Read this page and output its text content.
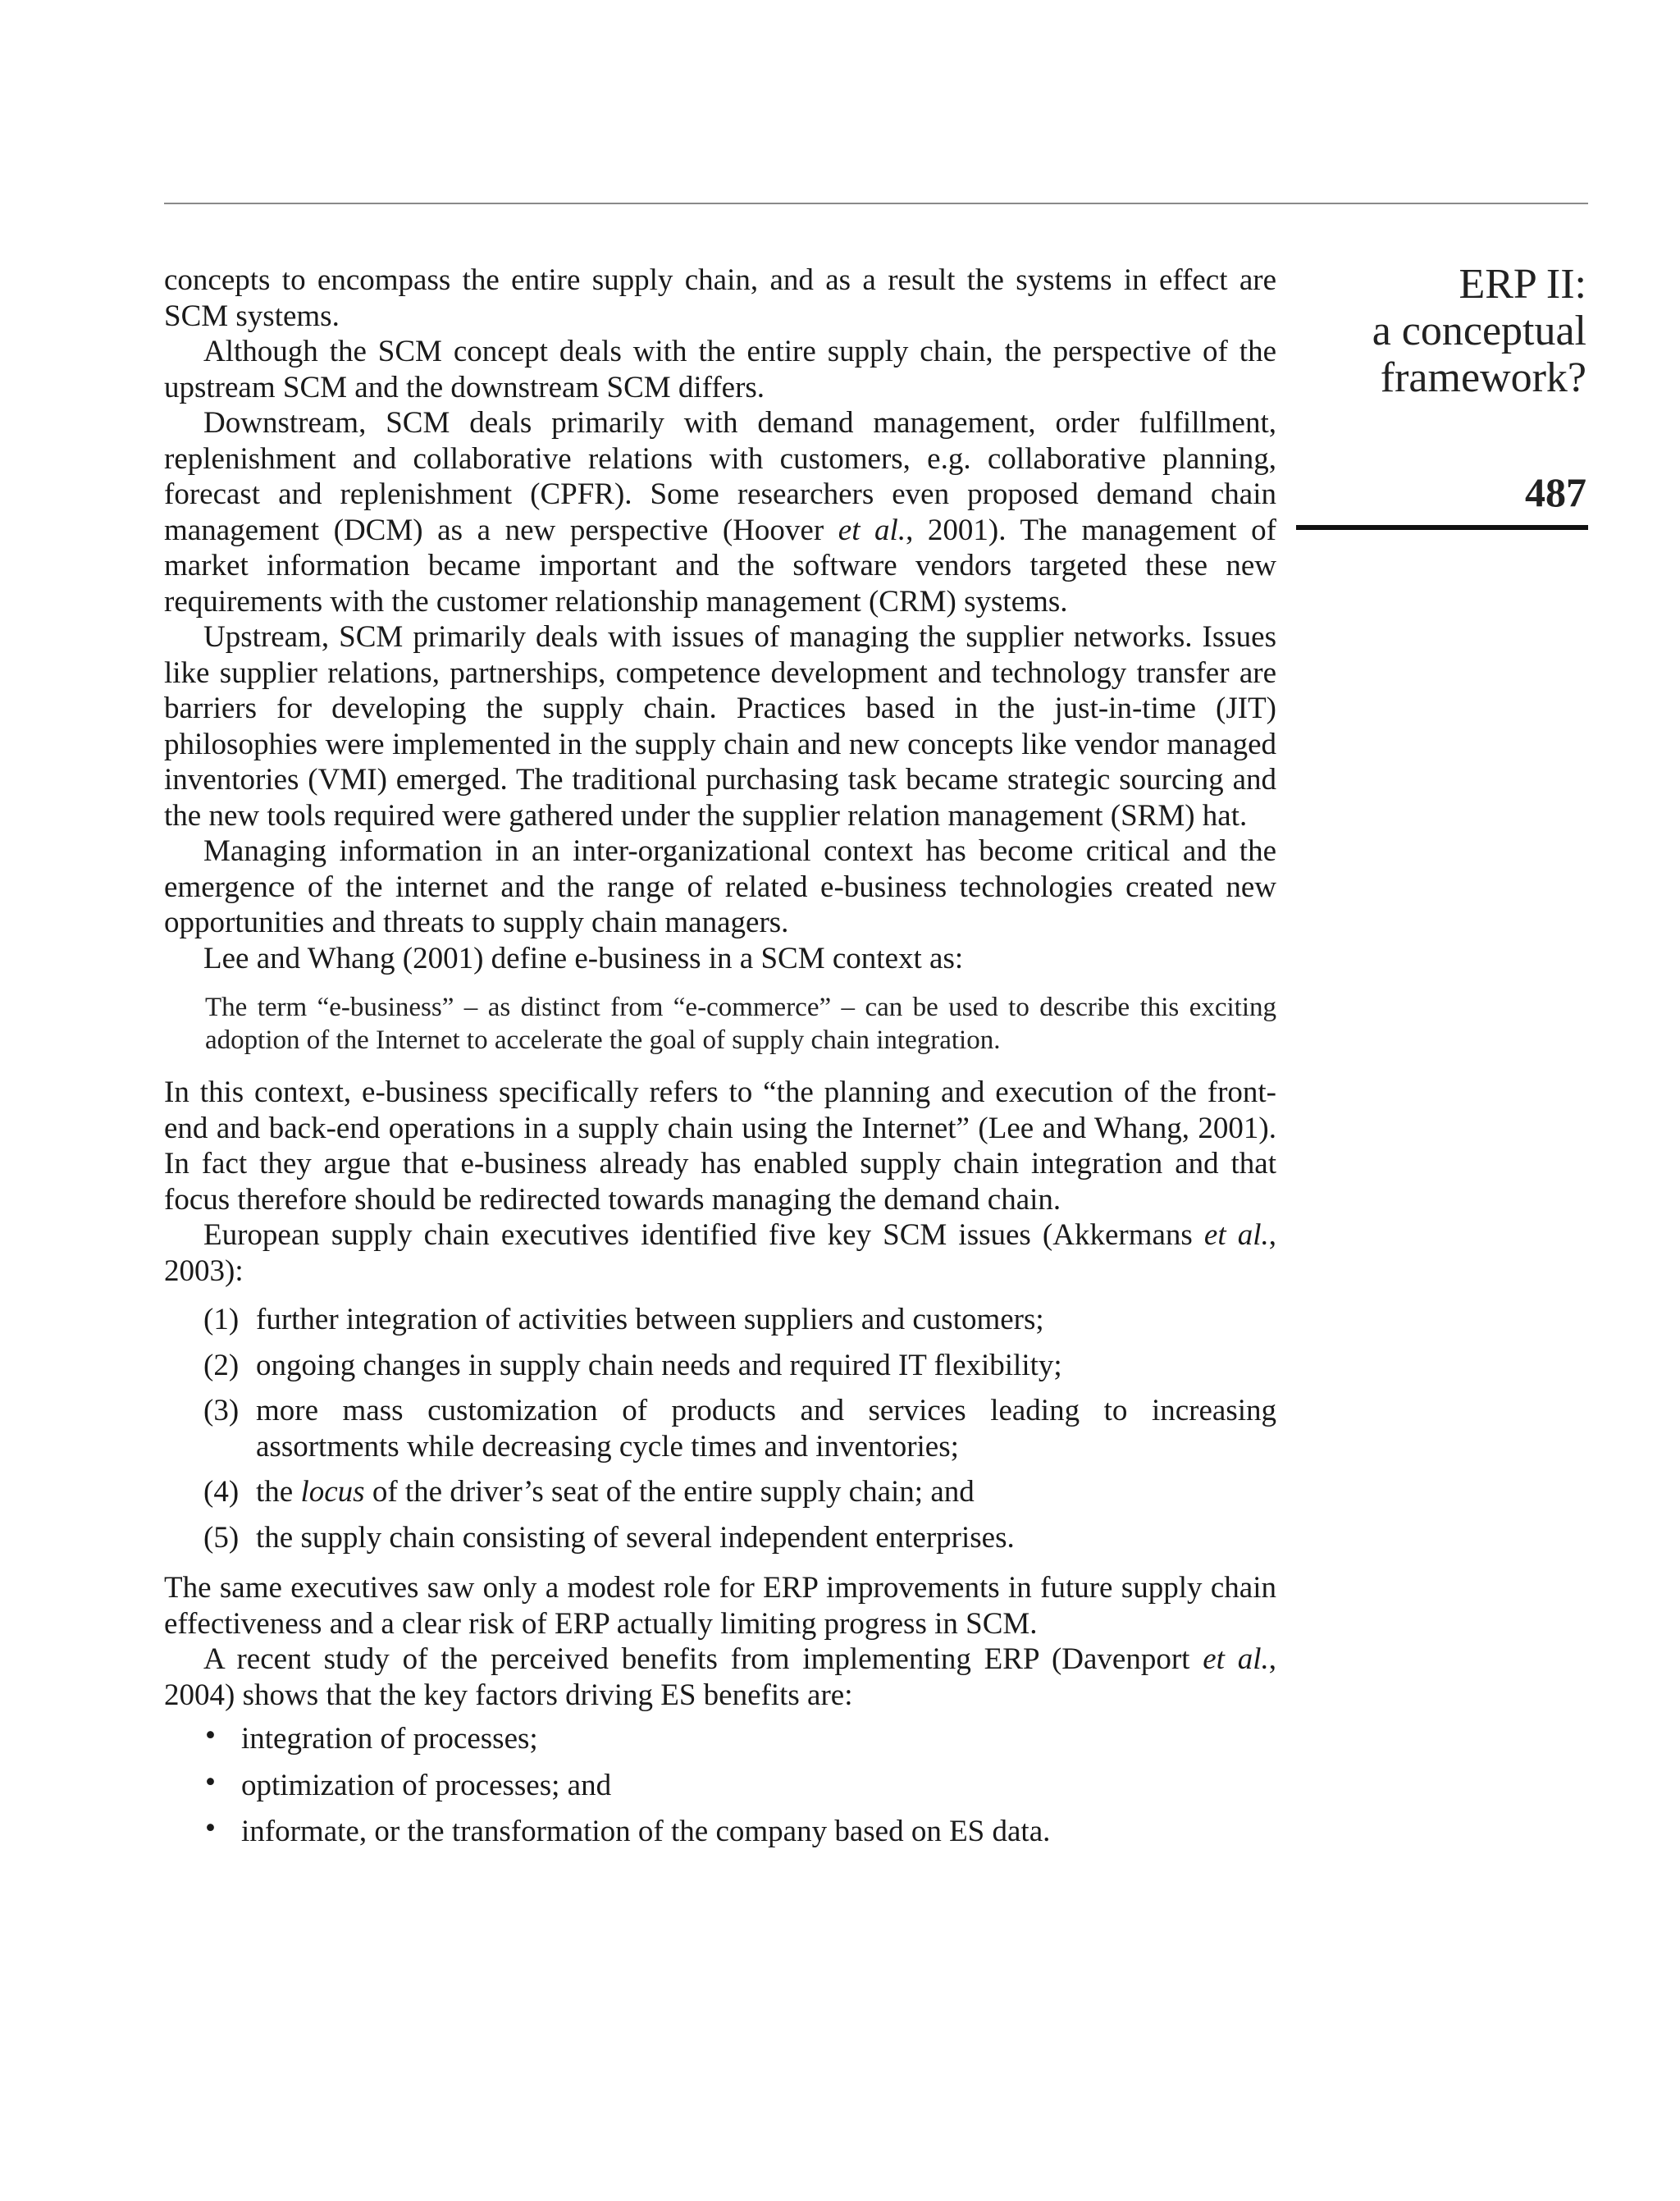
ERP II:
a conceptual
framework?
487

concepts to encompass the entire supply chain, and as a result the systems in effect are SCM systems.

Although the SCM concept deals with the entire supply chain, the perspective of the upstream SCM and the downstream SCM differs.

Downstream, SCM deals primarily with demand management, order fulfillment, replenishment and collaborative relations with customers, e.g. collaborative planning, forecast and replenishment (CPFR). Some researchers even proposed demand chain management (DCM) as a new perspective (Hoover et al., 2001). The management of market information became important and the software vendors targeted these new requirements with the customer relationship management (CRM) systems.

Upstream, SCM primarily deals with issues of managing the supplier networks. Issues like supplier relations, partnerships, competence development and technology transfer are barriers for developing the supply chain. Practices based in the just-in-time (JIT) philosophies were implemented in the supply chain and new concepts like vendor managed inventories (VMI) emerged. The traditional purchasing task became strategic sourcing and the new tools required were gathered under the supplier relation management (SRM) hat.

Managing information in an inter-organizational context has become critical and the emergence of the internet and the range of related e-business technologies created new opportunities and threats to supply chain managers.

Lee and Whang (2001) define e-business in a SCM context as:

The term “e-business” – as distinct from “e-commerce” – can be used to describe this exciting adoption of the Internet to accelerate the goal of supply chain integration.

In this context, e-business specifically refers to “the planning and execution of the front-end and back-end operations in a supply chain using the Internet” (Lee and Whang, 2001). In fact they argue that e-business already has enabled supply chain integration and that focus therefore should be redirected towards managing the demand chain.

European supply chain executives identified five key SCM issues (Akkermans et al., 2003):

(1) further integration of activities between suppliers and customers;
(2) ongoing changes in supply chain needs and required IT flexibility;
(3) more mass customization of products and services leading to increasing assortments while decreasing cycle times and inventories;
(4) the locus of the driver’s seat of the entire supply chain; and
(5) the supply chain consisting of several independent enterprises.

The same executives saw only a modest role for ERP improvements in future supply chain effectiveness and a clear risk of ERP actually limiting progress in SCM.

A recent study of the perceived benefits from implementing ERP (Davenport et al., 2004) shows that the key factors driving ES benefits are:

• integration of processes;
• optimization of processes; and
• informate, or the transformation of the company based on ES data.
